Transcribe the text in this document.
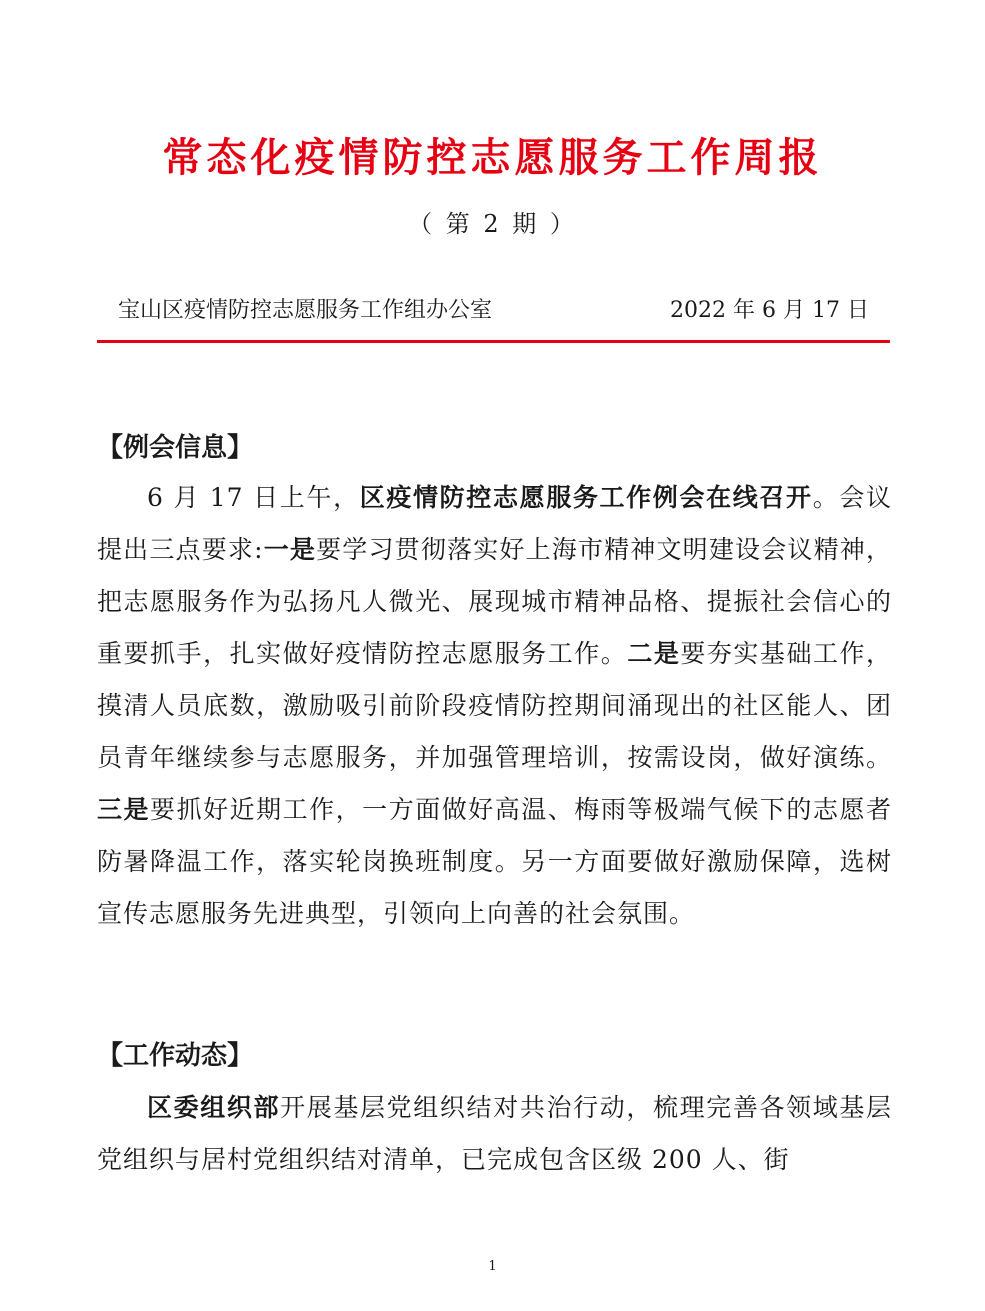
常态化疫情防控志愿服务工作周报
（ 第 2 期 ）
宝山区疫情防控志愿服务工作组办公室	2022 年 6 月 17 日
【例会信息】

6 月 17 日上午，区疫情防控志愿服务工作例会在线召开。会议提出三点要求:一是要学习贯彻落实好上海市精神文明建设会议精神，把志愿服务作为弘扬凡人微光、展现城市精神品格、提振社会信心的重要抓手，扎实做好疫情防控志愿服务工作。二是要夯实基础工作，摸清人员底数，激励吸引前阶段疫情防控期间涌现出的社区能人、团员青年继续参与志愿服务，并加强管理培训，按需设岗，做好演练。三是要抓好近期工作，一方面做好高温、梅雨等极端气候下的志愿者防暑降温工作，落实轮岗换班制度。另一方面要做好激励保障，选树宣传志愿服务先进典型，引领向上向善的社会氛围。

【工作动态】

区委组织部开展基层党组织结对共治行动，梳理完善各领域基层党组织与居村党组织结对清单，已完成包含区级 200 人、街

1
